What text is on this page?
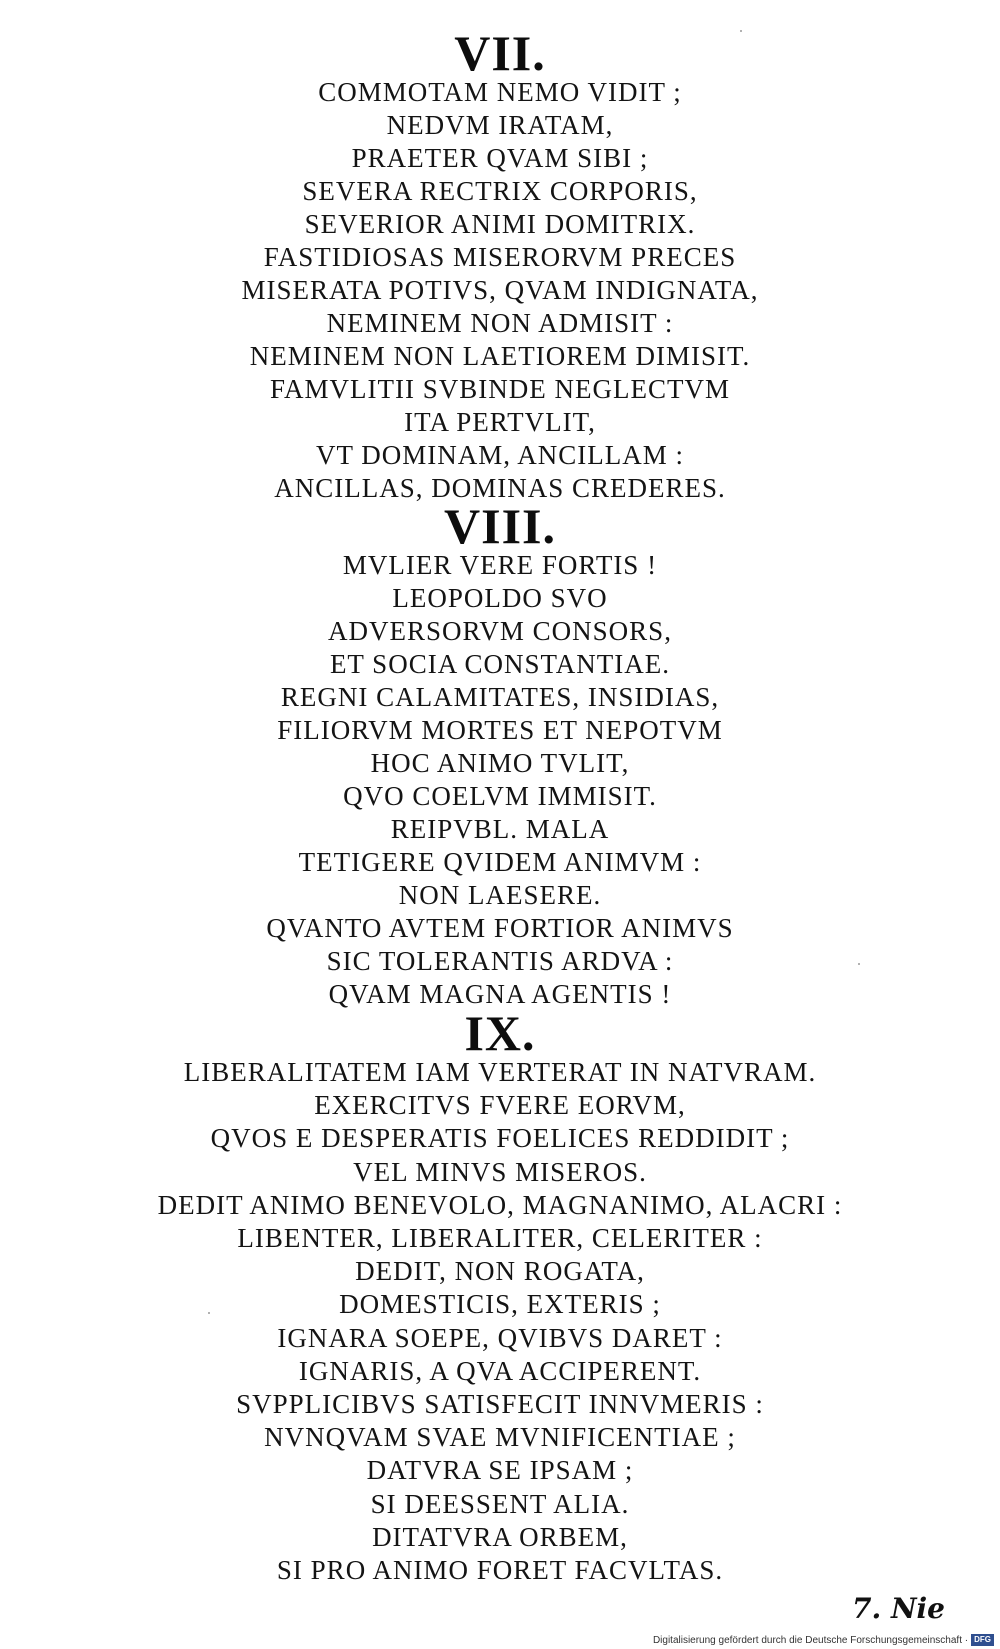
VII.
COMMOTAM NEMO VIDIT ;
NEDVM IRATAM,
PRAETER QVAM SIBI ;
SEVERA RECTRIX CORPORIS,
SEVERIOR ANIMI DOMITRIX.
FASTIDIOSAS MISERORVM PRECES
MISERATA POTIVS, QVAM INDIGNATA,
NEMINEM NON ADMISIT :
NEMINEM NON LAETIOREM DIMISIT.
FAMVLITII SVBINDE NEGLECTVM
ITA PERTVLIT,
VT DOMINAM, ANCILLAM :
ANCILLAS, DOMINAS CREDERES.
VIII.
MVLIER VERE FORTIS !
LEOPOLDO SVO
ADVERSORVM CONSORS,
ET SOCIA CONSTANTIAE.
REGNI CALAMITATES, INSIDIAS,
FILIORVM MORTES ET NEPOTVM
HOC ANIMO TVLIT,
QVO COELVM IMMISIT.
REIPVBL. MALA
TETIGERE QVIDEM ANIMVM :
NON LAESERE.
QVANTO AVTEM FORTIOR ANIMVS
SIC TOLERANTIS ARDVA :
QVAM MAGNA AGENTIS !
IX.
LIBERALITATEM IAM VERTERAT IN NATVRAM.
EXERCITVS FVERE EORVM,
QVOS E DESPERATIS FOELICES REDDIDIT ;
VEL MINVS MISEROS.
DEDIT ANIMO BENEVOLO, MAGNANIMO, ALACRI :
LIBENTER, LIBERALITER, CELERITER :
DEDIT, NON ROGATA,
DOMESTICIS, EXTERIS ;
IGNARA SOEPE, QVIBVS DARET :
IGNARIS, A QVA ACCIPERENT.
SVPPLICIBVS SATISFECIT INNVMERIS :
NVNQVAM SVAE MVNIFICENTIAE ;
DATVRA SE IPSAM ;
SI DEESSENT ALIA.
DITATVRA ORBEM,
SI PRO ANIMO FORET FACVLTAS.
7. Nie
Digitalisierung gefördert durch die Deutsche Forschungsgemeinschaft · DFG
